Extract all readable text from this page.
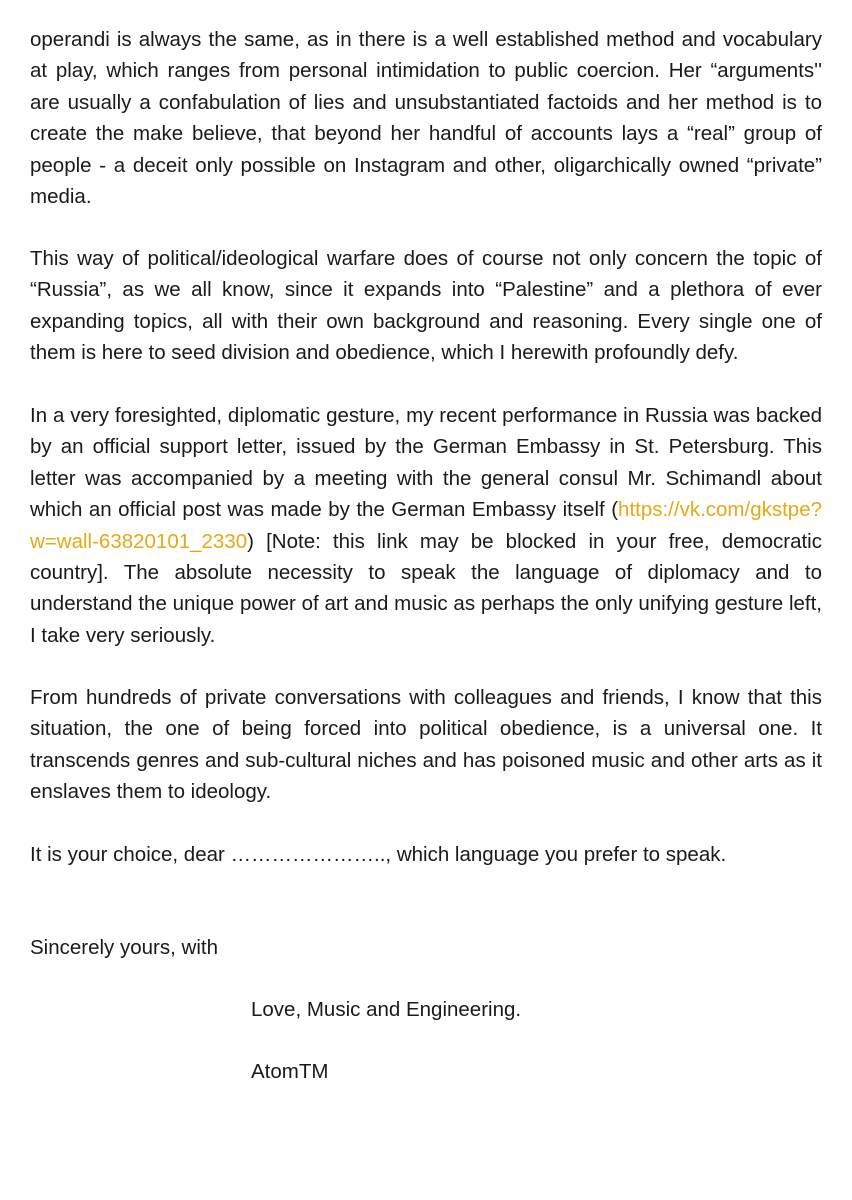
operandi is always the same, as in there is a well established method and vocabulary at play, which ranges from personal intimidation to public coercion. Her “arguments'' are usually a confabulation of lies and unsubstantiated factoids and her method is to create the make believe, that beyond her handful of accounts lays a “real” group of people - a deceit only possible on Instagram and other, oligarchically owned “private” media.

This way of political/ideological warfare does of course not only concern the topic of “Russia”, as we all know, since it expands into “Palestine” and a plethora of ever expanding topics, all with their own background and reasoning. Every single one of them is here to seed division and obedience, which I herewith profoundly defy.

In a very foresighted, diplomatic gesture, my recent performance in Russia was backed by an official support letter, issued by the German Embassy in St. Petersburg. This letter was accompanied by a meeting with the general consul Mr. Schimandl about which an official post was made by the German Embassy itself (https://vk.com/gkstpe?w=wall-63820101_2330) [Note: this link may be blocked in your free, democratic country]. The absolute necessity to speak the language of diplomacy and to understand the unique power of art and music as perhaps the only unifying gesture left, I take very seriously.

From hundreds of private conversations with colleagues and friends, I know that this situation, the one of being forced into political obedience, is a universal one. It transcends genres and sub-cultural niches and has poisoned music and other arts as it enslaves them to ideology.

It is your choice, dear ………………….., which language you prefer to speak.

Sincerely yours, with

Love, Music and Engineering.

AtomTM
